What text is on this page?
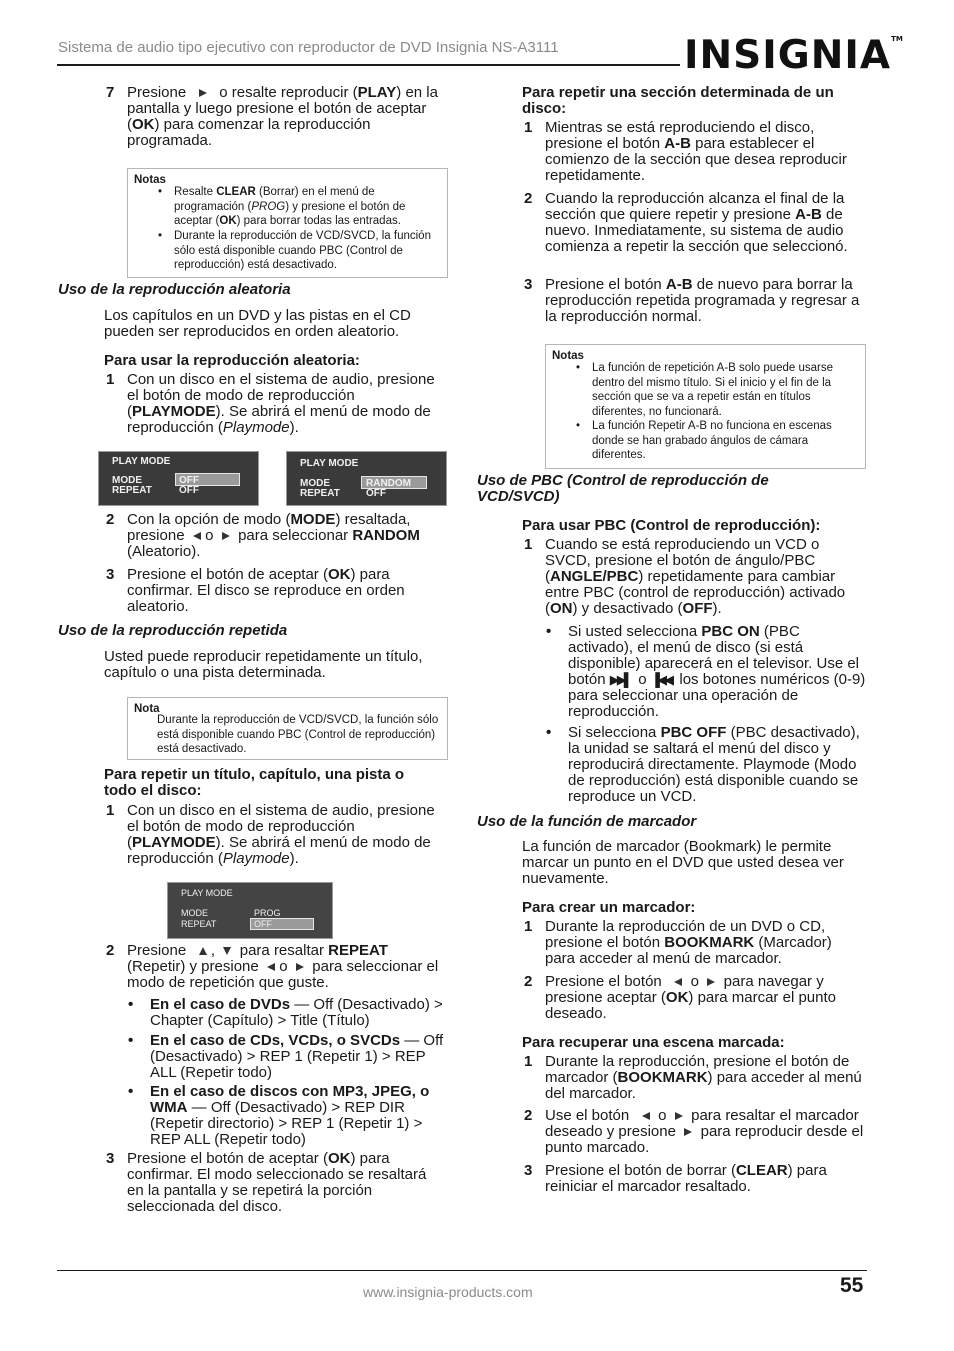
Sistema de audio tipo ejecutivo con reproductor de DVD Insignia NS-A3111	INSIGNIA™
7 Presione o resalte reproducir (PLAY) en la pantalla y luego presione el botón de aceptar (OK) para comenzar la reproducción programada.
Notas
• Resalte CLEAR (Borrar) en el menú de programación (PROG) y presione el botón de aceptar (OK) para borrar todas las entradas.
• Durante la reproducción de VCD/SVCD, la función sólo está disponible cuando PBC (Control de reproducción) está desactivado.
Uso de la reproducción aleatoria
Los capítulos en un DVD y las pistas en el CD pueden ser reproducidos en orden aleatorio.
Para usar la reproducción aleatoria:
1 Con un disco en el sistema de audio, presione el botón de modo de reproducción (PLAYMODE). Se abrirá el menú de modo de reproducción (Playmode).
PLAY MODE
MODE
REPEAT
OFF
OFF
PLAY MODE
MODE
REPEAT
RANDOM
OFF
2 Con la opción de modo (MODE) resaltada, presione o para seleccionar RANDOM (Aleatorio).
3 Presione el botón de aceptar (OK) para confirmar. El disco se reproduce en orden aleatorio.
Uso de la reproducción repetida
Usted puede reproducir repetidamente un título, capítulo o una pista determinada.
Nota
Durante la reproducción de VCD/SVCD, la función sólo está disponible cuando PBC (Control de reproducción) está desactivado.
Para repetir un título, capítulo, una pista o todo el disco:
1 Con un disco en el sistema de audio, presione el botón de modo de reproducción (PLAYMODE). Se abrirá el menú de modo de reproducción (Playmode).
PLAY MODE
MODE
REPEAT
PROG
OFF
2 Presione , para resaltar REPEAT (Repetir) y presione o para seleccionar el modo de repetición que guste.
• En el caso de DVDs — Off (Desactivado) > Chapter (Capítulo) > Title (Título)
• En el caso de CDs, VCDs, o SVCDs — Off (Desactivado) > REP 1 (Repetir 1) > REP ALL (Repetir todo)
• En el caso de discos con MP3, JPEG, o WMA — Off (Desactivado) > REP DIR (Repetir directorio) > REP 1 (Repetir 1) > REP ALL (Repetir todo)
3 Presione el botón de aceptar (OK) para confirmar. El modo seleccionado se resaltará en la pantalla y se repetirá la porción seleccionada del disco.
Para repetir una sección determinada de un disco:
1 Mientras se está reproduciendo el disco, presione el botón A-B para establecer el comienzo de la sección que desea reproducir repetidamente.
2 Cuando la reproducción alcanza el final de la sección que quiere repetir y presione A-B de nuevo. Inmediatamente, su sistema de audio comienza a repetir la sección que seleccionó.
3 Presione el botón A-B de nuevo para borrar la reproducción repetida programada y regresar a la reproducción normal.
Notas
• La función de repetición A-B solo puede usarse dentro del mismo título. Si el inicio y el fin de la sección que se va a repetir están en títulos diferentes, no funcionará.
• La función Repetir A-B no funciona en escenas donde se han grabado ángulos de cámara diferentes.
Uso de PBC (Control de reproducción de VCD/SVCD)
Para usar PBC (Control de reproducción):
1 Cuando se está reproduciendo un VCD o SVCD, presione el botón de ángulo/PBC (ANGLE/PBC) repetidamente para cambiar entre PBC (control de reproducción) activado (ON) y desactivado (OFF).
• Si usted selecciona PBC ON (PBC activado), el menú de disco (si está disponible) aparecerá en el televisor. Use el botón ▶▶▌ o ▐◀◀ los botones numéricos (0-9) para seleccionar una operación de reproducción.
• Si selecciona PBC OFF (PBC desactivado), la unidad se saltará el menú del disco y reproducirá directamente. Playmode (Modo de reproducción) está disponible cuando se reproduce un VCD.
Uso de la función de marcador
La función de marcador (Bookmark) le permite marcar un punto en el DVD que usted desea ver nuevamente.
Para crear un marcador:
1 Durante la reproducción de un DVD o CD, presione el botón BOOKMARK (Marcador) para acceder al menú de marcador.
2 Presione el botón o para navegar y presione aceptar (OK) para marcar el punto deseado.
Para recuperar una escena marcada:
1 Durante la reproducción, presione el botón de marcador (BOOKMARK) para acceder al menú del marcador.
2 Use el botón o para resaltar el marcador deseado y presione para reproducir desde el punto marcado.
3 Presione el botón de borrar (CLEAR) para reiniciar el marcador resaltado.
www.insignia-products.com	55
